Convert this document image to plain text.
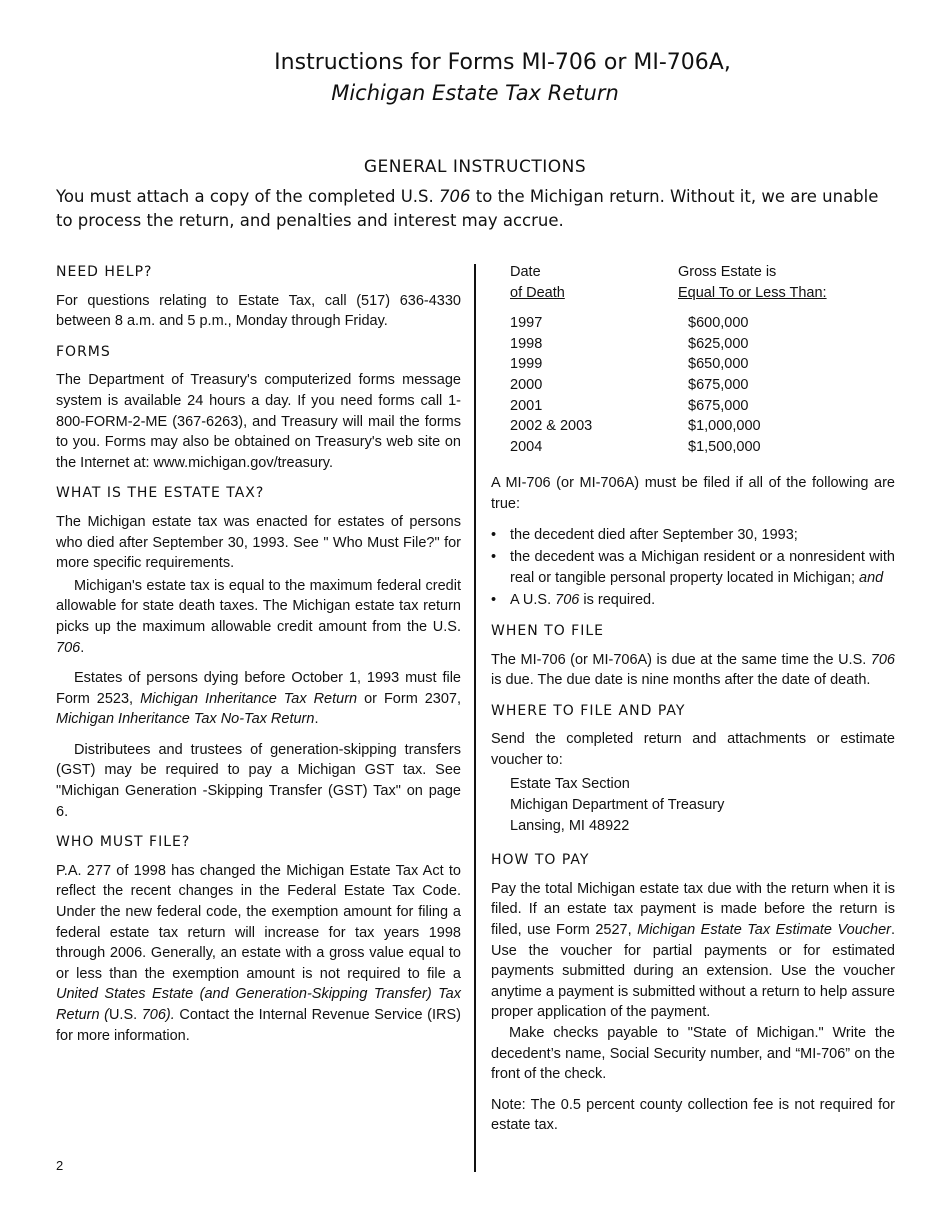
Instructions for Forms MI-706 or MI-706A,
Michigan Estate Tax Return
GENERAL INSTRUCTIONS
You must attach a copy of the completed U.S. 706 to the Michigan return. Without it, we are unable to process the return, and penalties and interest may accrue.
NEED HELP?
For questions relating to Estate Tax, call (517) 636-4330 between 8 a.m. and 5 p.m., Monday through Friday.
FORMS
The Department of Treasury's computerized forms message system is available 24 hours a day. If you need forms call 1-800-FORM-2-ME (367-6263), and Treasury will mail the forms to you. Forms may also be obtained on Treasury's web site on the Internet at: www.michigan.gov/treasury.
WHAT IS THE ESTATE TAX?
The Michigan estate tax was enacted for estates of persons who died after September 30, 1993. See " Who Must File?" for more specific requirements.
Michigan's estate tax is equal to the maximum federal credit allowable for state death taxes. The Michigan estate tax return picks up the maximum allowable credit amount from the U.S. 706.
Estates of persons dying before October 1, 1993 must file Form 2523, Michigan Inheritance Tax Return or Form 2307, Michigan Inheritance Tax No-Tax Return.
Distributees and trustees of generation-skipping transfers (GST) may be required to pay a Michigan GST tax. See "Michigan Generation -Skipping Transfer (GST) Tax" on page 6.
WHO MUST FILE?
P.A. 277 of 1998 has changed the Michigan Estate Tax Act to reflect the recent changes in the Federal Estate Tax Code. Under the new federal code, the exemption amount for filing a federal estate tax return will increase for tax years 1998 through 2006. Generally, an estate with a gross value equal to or less than the exemption amount is not required to file a United States Estate (and Generation-Skipping Transfer) Tax Return (U.S. 706). Contact the Internal Revenue Service (IRS) for more information.
Date	Gross Estate is
of Death	Equal To or Less Than:
1997	$600,000
1998	$625,000
1999	$650,000
2000	$675,000
2001	$675,000
2002 & 2003	$1,000,000
2004	$1,500,000
A MI-706 (or MI-706A) must be filed if all of the following are true:
• the decedent died after September 30, 1993;
• the decedent was a Michigan resident or a nonresident with real or tangible personal property located in Michigan; and
• A U.S. 706 is required.
WHEN TO FILE
The MI-706 (or MI-706A) is due at the same time the U.S. 706 is due. The due date is nine months after the date of death.
WHERE TO FILE AND PAY
Send the completed return and attachments or estimate voucher to:
Estate Tax Section
Michigan Department of Treasury
Lansing, MI 48922
HOW TO PAY
Pay the total Michigan estate tax due with the return when it is filed. If an estate tax payment is made before the return is filed, use Form 2527, Michigan Estate Tax Estimate Voucher. Use the voucher for partial payments or for estimated payments submitted during an extension. Use the voucher anytime a payment is submitted without a return to help assure proper application of the payment.
Make checks payable to "State of Michigan." Write the decedent’s name, Social Security number, and “MI-706” on the front of the check.
Note: The 0.5 percent county collection fee is not required for estate tax.
2
